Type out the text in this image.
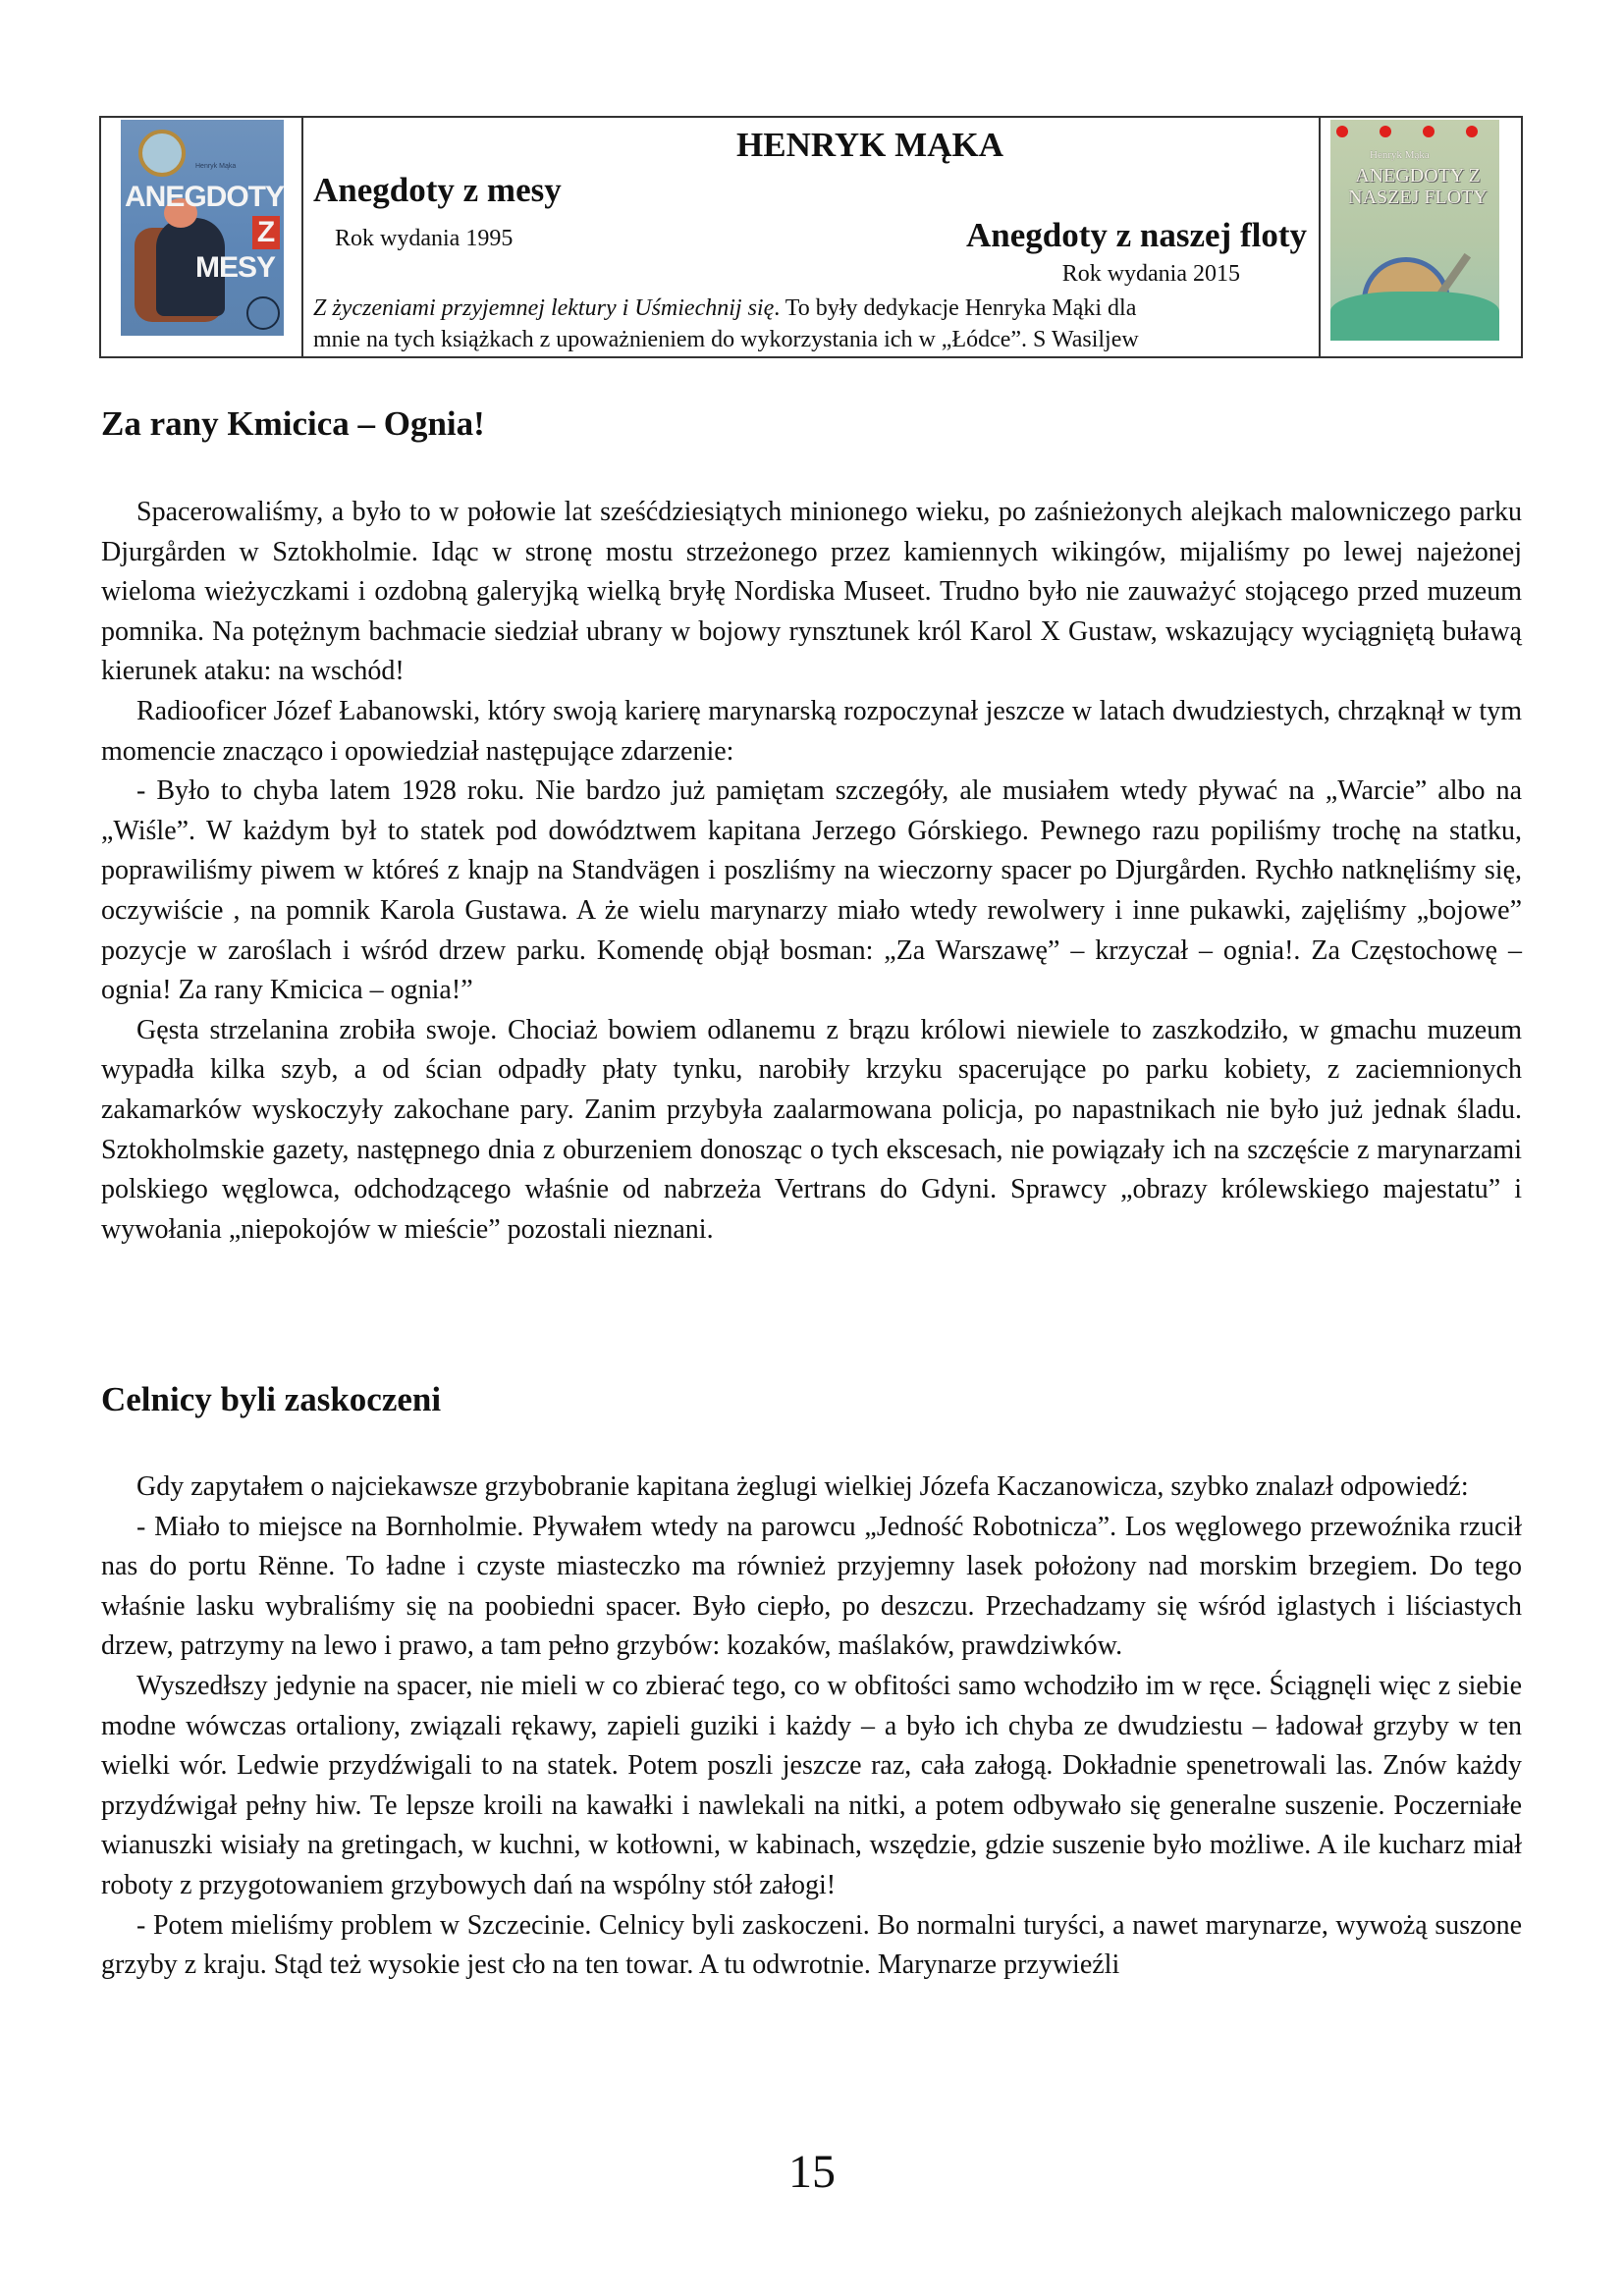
Henryk Mąka
ANEGDOTY
Z
MESY
HENRYK MĄKA
Anegdoty z mesy
Rok wydania 1995	Anegdoty z naszej floty
Rok wydania 2015
Z życzeniami przyjemnej lektury i Uśmiechnij się. To były dedykacje Henryka Mąki dla
mnie na tych książkach z upoważnieniem do wykorzystania ich w „Łódce”. S Wasiljew
Henryk Mąka
ANEGDOTY Z NASZEJ FLOTY
Za rany Kmicica – Ognia!

Spacerowaliśmy, a było to w połowie lat sześćdziesiątych minionego wieku, po zaśnieżonych alejkach malowniczego parku Djurgården w Sztokholmie. Idąc w stronę mostu strzeżonego przez kamiennych wikingów, mijaliśmy po lewej najeżonej wieloma wieżyczkami i ozdobną galeryjką wielką bryłę Nordiska Museet. Trudno było nie zauważyć stojącego przed muzeum pomnika. Na potężnym bachmacie siedział ubrany w bojowy rynsztunek król Karol X Gustaw, wskazujący wyciągniętą buławą kierunek ataku: na wschód!

Radiooficer Józef Łabanowski, który swoją karierę marynarską rozpoczynał jeszcze w latach dwudziestych, chrząknął w tym momencie znacząco i opowiedział następujące zdarzenie:

- Było to chyba latem 1928 roku. Nie bardzo już pamiętam szczegóły, ale musiałem wtedy pływać na „Warcie” albo na „Wiśle”. W każdym był to statek pod dowództwem kapitana Jerzego Górskiego. Pewnego razu popiliśmy trochę na statku, poprawiliśmy piwem w któreś z knajp na Standvägen i poszliśmy na wieczorny spacer po Djurgården. Rychło natknęliśmy się, oczywiście , na pomnik Karola Gustawa. A że wielu marynarzy miało wtedy rewolwery i inne pukawki, zajęliśmy „bojowe” pozycje w zaroślach i wśród drzew parku. Komendę objął bosman: „Za Warszawę” – krzyczał – ognia!. Za Częstochowę – ognia! Za rany Kmicica – ognia!”

Gęsta strzelanina zrobiła swoje. Chociaż bowiem odlanemu z brązu królowi niewiele to zaszkodziło, w gmachu muzeum wypadła kilka szyb, a od ścian odpadły płaty tynku, narobiły krzyku spacerujące po parku kobiety, z zaciemnionych zakamarków wyskoczyły zakochane pary. Zanim przybyła zaalarmowana policja, po napastnikach nie było już jednak śladu. Sztokholmskie gazety, następnego dnia z oburzeniem donosząc o tych ekscesach, nie powiązały ich na szczęście z marynarzami polskiego węglowca, odchodzącego właśnie od nabrzeża Vertrans do Gdyni. Sprawcy „obrazy królewskiego majestatu” i wywołania „niepokojów w mieście” pozostali nieznani.

Celnicy byli zaskoczeni

Gdy zapytałem o najciekawsze grzybobranie kapitana żeglugi wielkiej Józefa Kaczanowicza, szybko znalazł odpowiedź:

- Miało to miejsce na Bornholmie. Pływałem wtedy na parowcu „Jedność Robotnicza”. Los węglowego przewoźnika rzucił nas do portu Rënne. To ładne i czyste miasteczko ma również przyjemny lasek położony nad morskim brzegiem. Do tego właśnie lasku wybraliśmy się na poobiedni spacer. Było ciepło, po deszczu. Przechadzamy się wśród iglastych i liściastych drzew, patrzymy na lewo i prawo, a tam pełno grzybów: kozaków, maślaków, prawdziwków.

Wyszedłszy jedynie na spacer, nie mieli w co zbierać tego, co w obfitości samo wchodziło im w ręce. Ściągnęli więc z siebie modne wówczas ortaliony, związali rękawy, zapieli guziki i każdy – a było ich chyba ze dwudziestu – ładował grzyby w ten wielki wór. Ledwie przydźwigali to na statek. Potem poszli jeszcze raz, cała załogą. Dokładnie spenetrowali las. Znów każdy przydźwigał pełny hiw. Te lepsze kroili na kawałki i nawlekali na nitki, a potem odbywało się generalne suszenie. Poczerniałe wianuszki wisiały na gretingach, w kuchni, w kotłowni, w kabinach, wszędzie, gdzie suszenie było możliwe. A ile kucharz miał roboty z przygotowaniem grzybowych dań na wspólny stół załogi!

- Potem mieliśmy problem w Szczecinie. Celnicy byli zaskoczeni. Bo normalni turyści, a nawet marynarze, wywożą suszone grzyby z kraju. Stąd też wysokie jest cło na ten towar. A tu odwrotnie. Marynarze przywieźli

15
